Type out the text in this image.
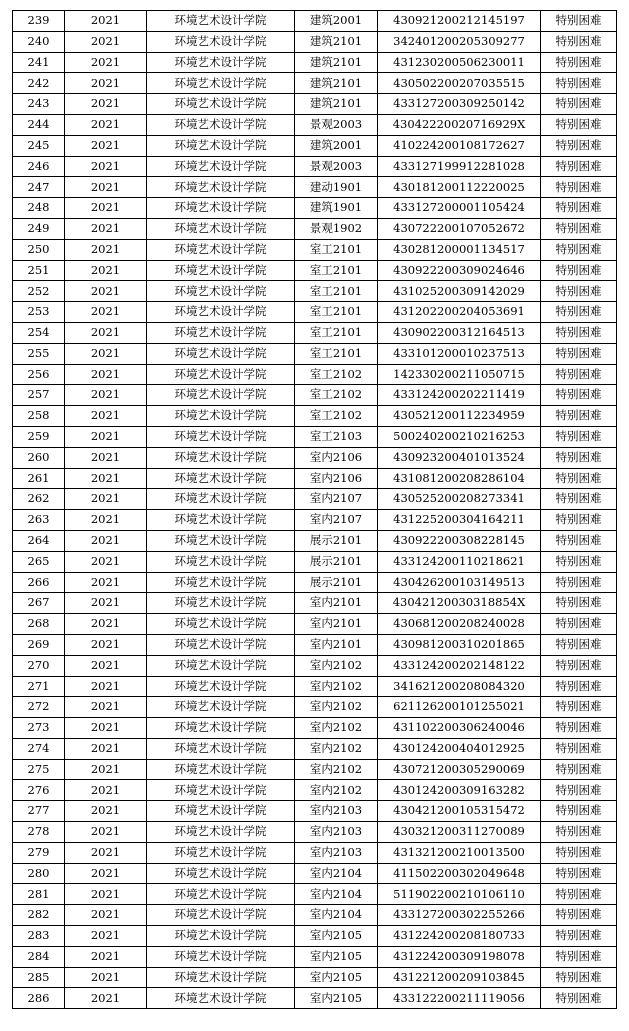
239	2021	环境艺术设计学院	建筑2001	430921200212145197	特别困难
240	2021	环境艺术设计学院	建筑2101	342401200205309277	特别困难
241	2021	环境艺术设计学院	建筑2101	431230200506230011	特别困难
242	2021	环境艺术设计学院	建筑2101	430502200207035515	特别困难
243	2021	环境艺术设计学院	建筑2101	433127200309250142	特别困难
244	2021	环境艺术设计学院	景观2003	43042220020716929X	特别困难
245	2021	环境艺术设计学院	建筑2001	410224200108172627	特别困难
246	2021	环境艺术设计学院	景观2003	433127199912281028	特别困难
247	2021	环境艺术设计学院	建动1901	430181200112220025	特别困难
248	2021	环境艺术设计学院	建筑1901	433127200001105424	特别困难
249	2021	环境艺术设计学院	景观1902	430722200107052672	特别困难
250	2021	环境艺术设计学院	室工2101	430281200001134517	特别困难
251	2021	环境艺术设计学院	室工2101	430922200309024646	特别困难
252	2021	环境艺术设计学院	室工2101	431025200309142029	特别困难
253	2021	环境艺术设计学院	室工2101	431202200204053691	特别困难
254	2021	环境艺术设计学院	室工2101	430902200312164513	特别困难
255	2021	环境艺术设计学院	室工2101	433101200010237513	特别困难
256	2021	环境艺术设计学院	室工2102	142330200211050715	特别困难
257	2021	环境艺术设计学院	室工2102	433124200202211419	特别困难
258	2021	环境艺术设计学院	室工2102	430521200112234959	特别困难
259	2021	环境艺术设计学院	室工2103	500240200210216253	特别困难
260	2021	环境艺术设计学院	室内2106	430923200401013524	特别困难
261	2021	环境艺术设计学院	室内2106	431081200208286104	特别困难
262	2021	环境艺术设计学院	室内2107	430525200208273341	特别困难
263	2021	环境艺术设计学院	室内2107	431225200304164211	特别困难
264	2021	环境艺术设计学院	展示2101	430922200308228145	特别困难
265	2021	环境艺术设计学院	展示2101	433124200110218621	特别困难
266	2021	环境艺术设计学院	展示2101	430426200103149513	特别困难
267	2021	环境艺术设计学院	室内2101	43042120030318854X	特别困难
268	2021	环境艺术设计学院	室内2101	430681200208240028	特别困难
269	2021	环境艺术设计学院	室内2101	430981200310201865	特别困难
270	2021	环境艺术设计学院	室内2102	433124200202148122	特别困难
271	2021	环境艺术设计学院	室内2102	341621200208084320	特别困难
272	2021	环境艺术设计学院	室内2102	621126200101255021	特别困难
273	2021	环境艺术设计学院	室内2102	431102200306240046	特别困难
274	2021	环境艺术设计学院	室内2102	430124200404012925	特别困难
275	2021	环境艺术设计学院	室内2102	430721200305290069	特别困难
276	2021	环境艺术设计学院	室内2102	430124200309163282	特别困难
277	2021	环境艺术设计学院	室内2103	430421200105315472	特别困难
278	2021	环境艺术设计学院	室内2103	430321200311270089	特别困难
279	2021	环境艺术设计学院	室内2103	431321200210013500	特别困难
280	2021	环境艺术设计学院	室内2104	411502200302049648	特别困难
281	2021	环境艺术设计学院	室内2104	511902200210106110	特别困难
282	2021	环境艺术设计学院	室内2104	433127200302255266	特别困难
283	2021	环境艺术设计学院	室内2105	431224200208180733	特别困难
284	2021	环境艺术设计学院	室内2105	431224200309198078	特别困难
285	2021	环境艺术设计学院	室内2105	431221200209103845	特别困难
286	2021	环境艺术设计学院	室内2105	433122200211119056	特别困难
